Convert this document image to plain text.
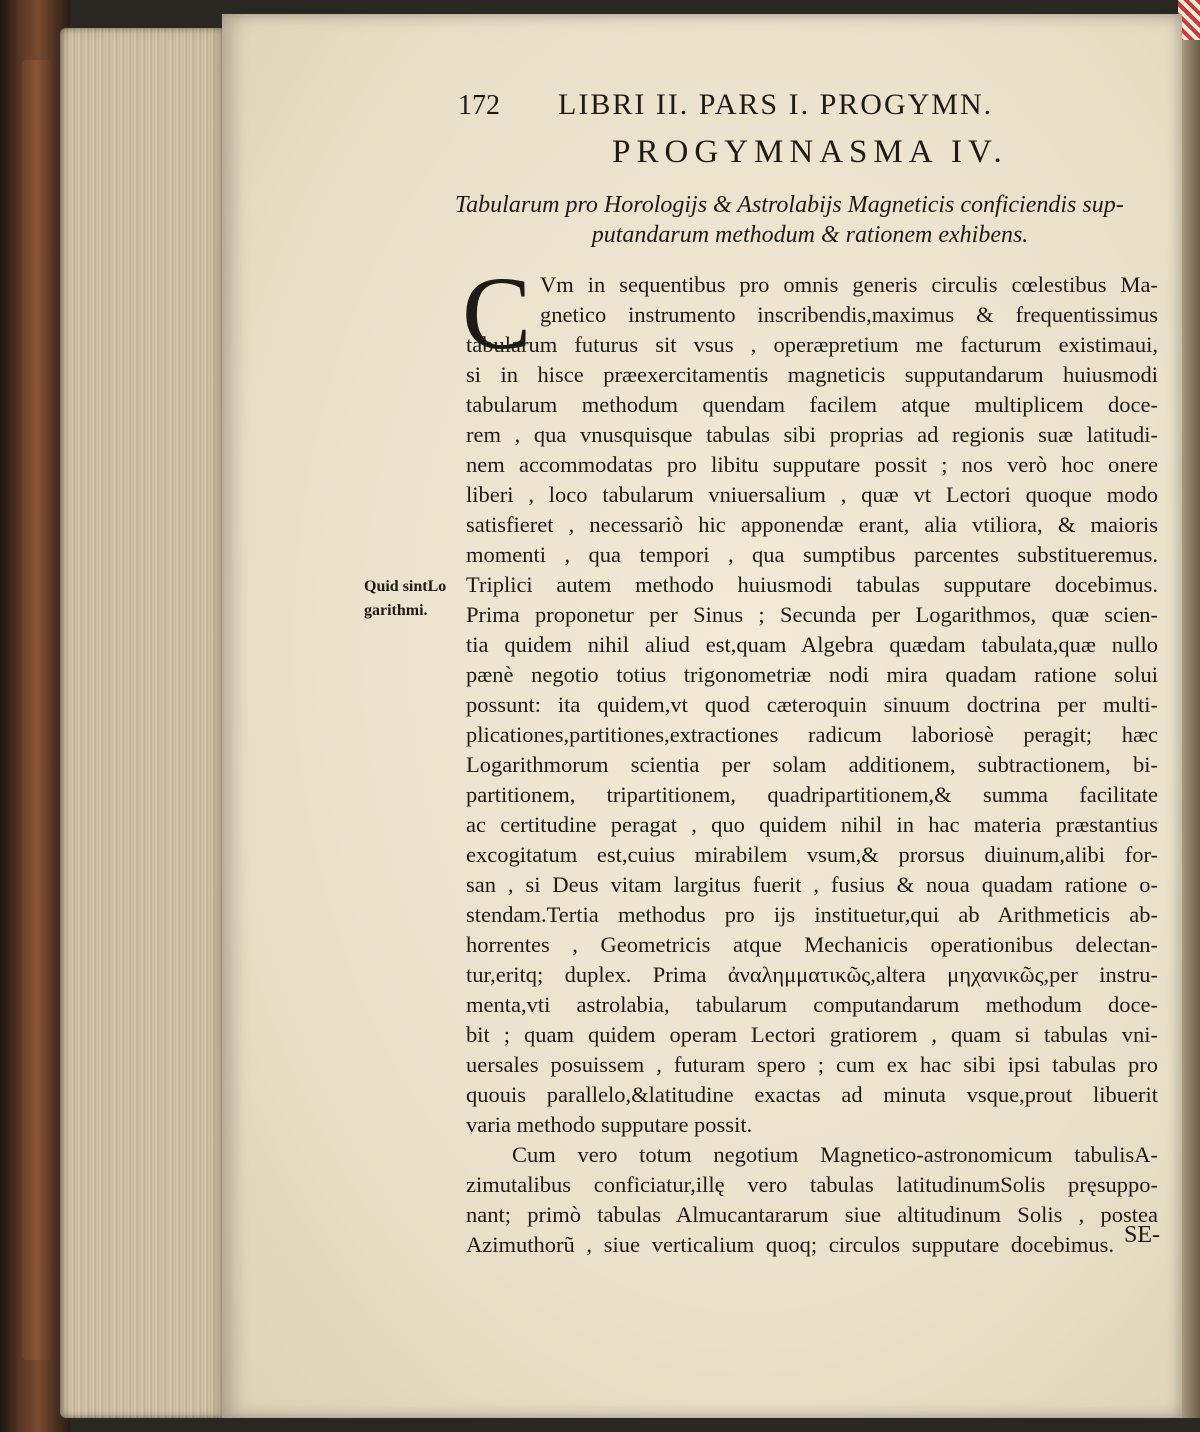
172 LIBRI II. PARS I. PROGYMN.
PROGYMNASMA IV.
Tabularum pro Horologijs & Astrolabijs Magneticis conficiendis sup-
putandarum methodum & rationem exhibens.
C Vm in sequentibus pro omnis generis circulis cœlestibus Ma-
gnetico instrumento inscribendis,maximus & frequentissimus
tabularum futurus sit vsus , operæpretium me facturum existimaui,
si in hisce præexercitamentis magneticis supputandarum huiusmodi
tabularum methodum quendam facilem atque multiplicem doce-
rem , qua vnusquisque tabulas sibi proprias ad regionis suæ latitudi-
nem accommodatas pro libitu supputare possit ; nos verò hoc onere
liberi , loco tabularum vniuersalium , quæ vt Lectori quoque modo
satisfieret , necessariò hic apponendæ erant, alia vtiliora, & maioris
momenti , qua tempori , qua sumptibus parcentes substitueremus.
Triplici autem methodo huiusmodi tabulas supputare docebimus.
Prima proponetur per Sinus ; Secunda per Logarithmos, quæ scien-
tia quidem nihil aliud est,quam Algebra quædam tabulata,quæ nullo
pænè negotio totius trigonometriæ nodi mira quadam ratione solui
possunt: ita quidem,vt quod cæteroquin sinuum doctrina per multi-
plicationes,partitiones,extractiones radicum laboriosè peragit; hæc
Logarithmorum scientia per solam additionem, subtractionem, bi-
partitionem, tripartitionem, quadripartitionem,& summa facilitate
ac certitudine peragat , quo quidem nihil in hac materia præstantius
excogitatum est,cuius mirabilem vsum,& prorsus diuinum,alibi for-
san , si Deus vitam largitus fuerit , fusius & noua quadam ratione o-
stendam.Tertia methodus pro ijs instituetur,qui ab Arithmeticis ab-
horrentes , Geometricis atque Mechanicis operationibus delectan-
tur,eritq; duplex. Prima ἀναλημματικῶς,altera μηχανικῶς,per instru-
menta,vti astrolabia, tabularum computandarum methodum doce-
bit ; quam quidem operam Lectori gratiorem , quam si tabulas vni-
uersales posuissem , futuram spero ; cum ex hac sibi ipsi tabulas pro
quouis parallelo,&latitudine exactas ad minuta vsque,prout libuerit
varia methodo supputare possit.
Cum vero totum negotium Magnetico-astronomicum tabulisA-
zimutalibus conficiatur,illę vero tabulas latitudinumSolis pręsuppo-
nant; primò tabulas Almucantararum siue altitudinum Solis , postea
Azimuthorũ , siue verticalium quoq; circulos supputare docebimus.
Quid sintLo
garithmi.
SE-
